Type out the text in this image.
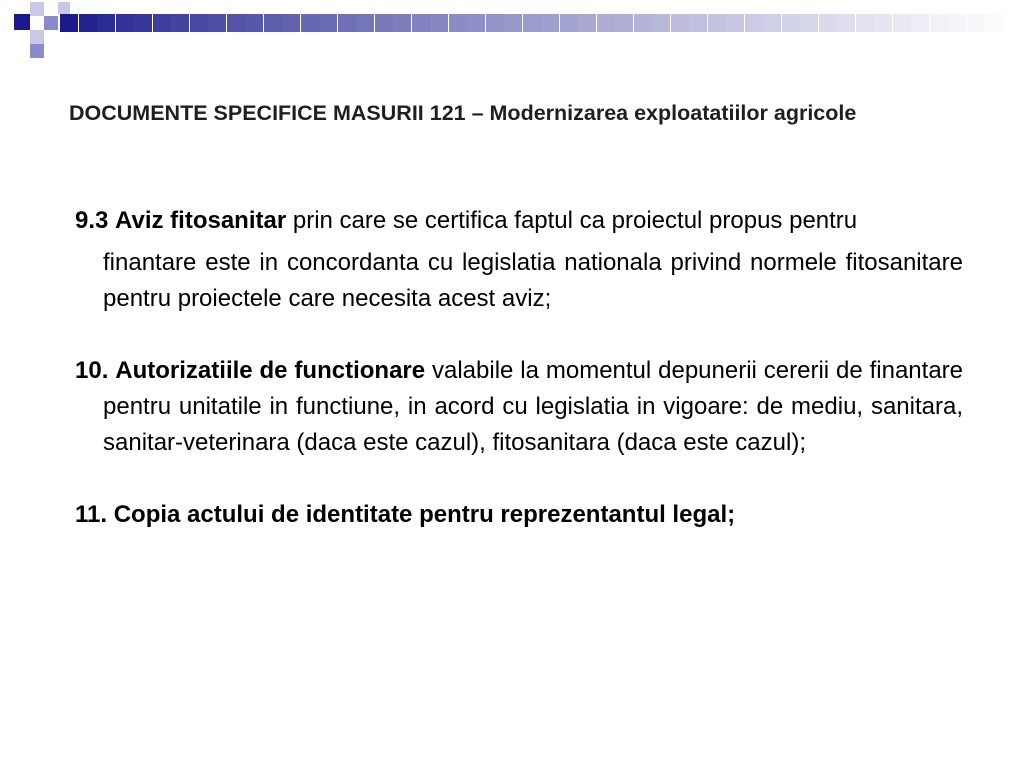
DOCUMENTE SPECIFICE MASURII 121 – Modernizarea exploatatiilor agricole

9.3 Aviz fitosanitar prin care se certifica faptul ca proiectul propus pentru

finantare este in concordanta cu legislatia nationala privind normele fitosanitare pentru proiectele care necesita acest aviz;

10. Autorizatiile de functionare valabile la momentul depunerii cererii de finantare pentru unitatile in functiune, in acord cu legislatia in vigoare: de mediu, sanitara, sanitar-veterinara (daca este cazul), fitosanitara (daca este cazul);

11. Copia actului de identitate pentru reprezentantul legal;
